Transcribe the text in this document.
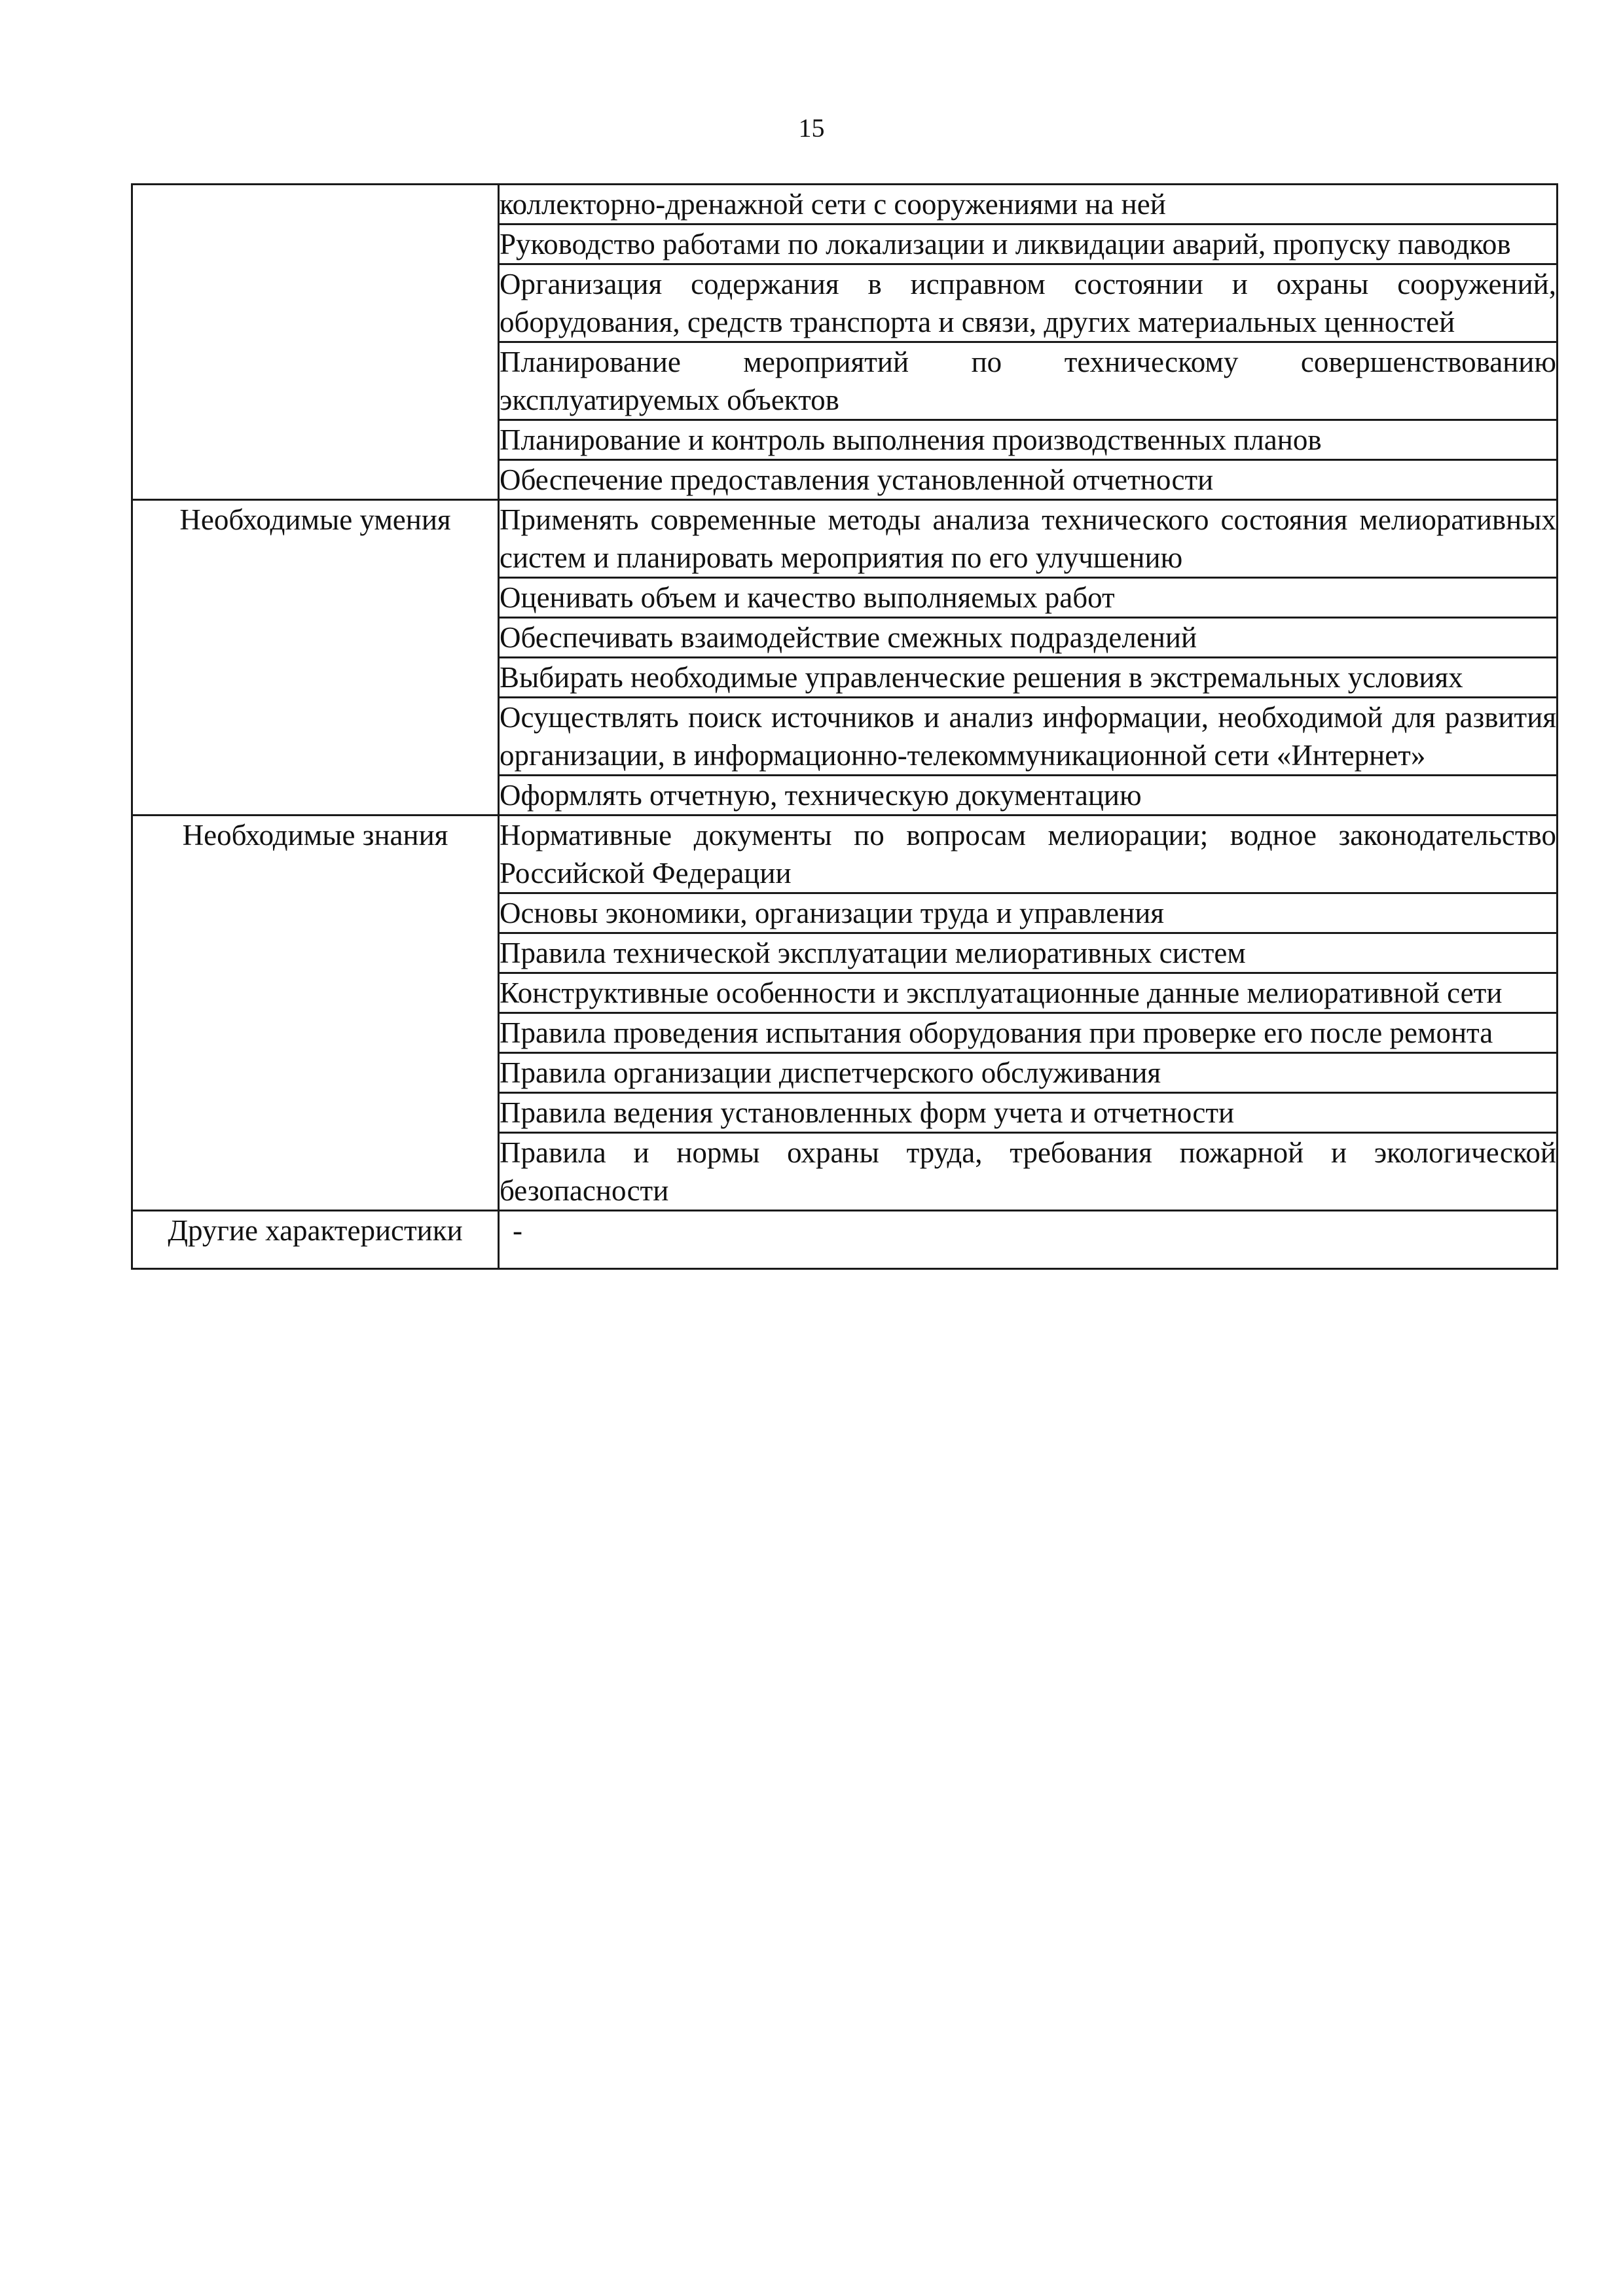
15
	коллекторно-дренажной сети с сооружениями на ней
	Руководство работами по локализации и ликвидации аварий, пропуску паводков
	Организация содержания в исправном состоянии и охраны сооружений, оборудования, средств транспорта и связи, других материальных ценностей
	Планирование мероприятий по техническому совершенствованию эксплуатируемых объектов
	Планирование и контроль выполнения производственных планов
	Обеспечение предоставления установленной отчетности
Необходимые умения	Применять современные методы анализа технического состояния мелиоративных систем и планировать мероприятия по его улучшению
	Оценивать объем и качество выполняемых работ
	Обеспечивать взаимодействие смежных подразделений
	Выбирать необходимые управленческие решения в экстремальных условиях
	Осуществлять поиск источников и анализ информации, необходимой для развития организации, в информационно-телекоммуникационной сети «Интернет»
	Оформлять отчетную, техническую документацию
Необходимые знания	Нормативные документы по вопросам мелиорации; водное законодательство Российской Федерации
	Основы экономики, организации труда и управления
	Правила технической эксплуатации мелиоративных систем
	Конструктивные особенности и эксплуатационные данные мелиоративной сети
	Правила проведения испытания оборудования при проверке его после ремонта
	Правила организации диспетчерского обслуживания
	Правила ведения установленных форм учета и отчетности
	Правила и нормы охраны труда, требования пожарной и экологической безопасности
Другие характеристики	-
